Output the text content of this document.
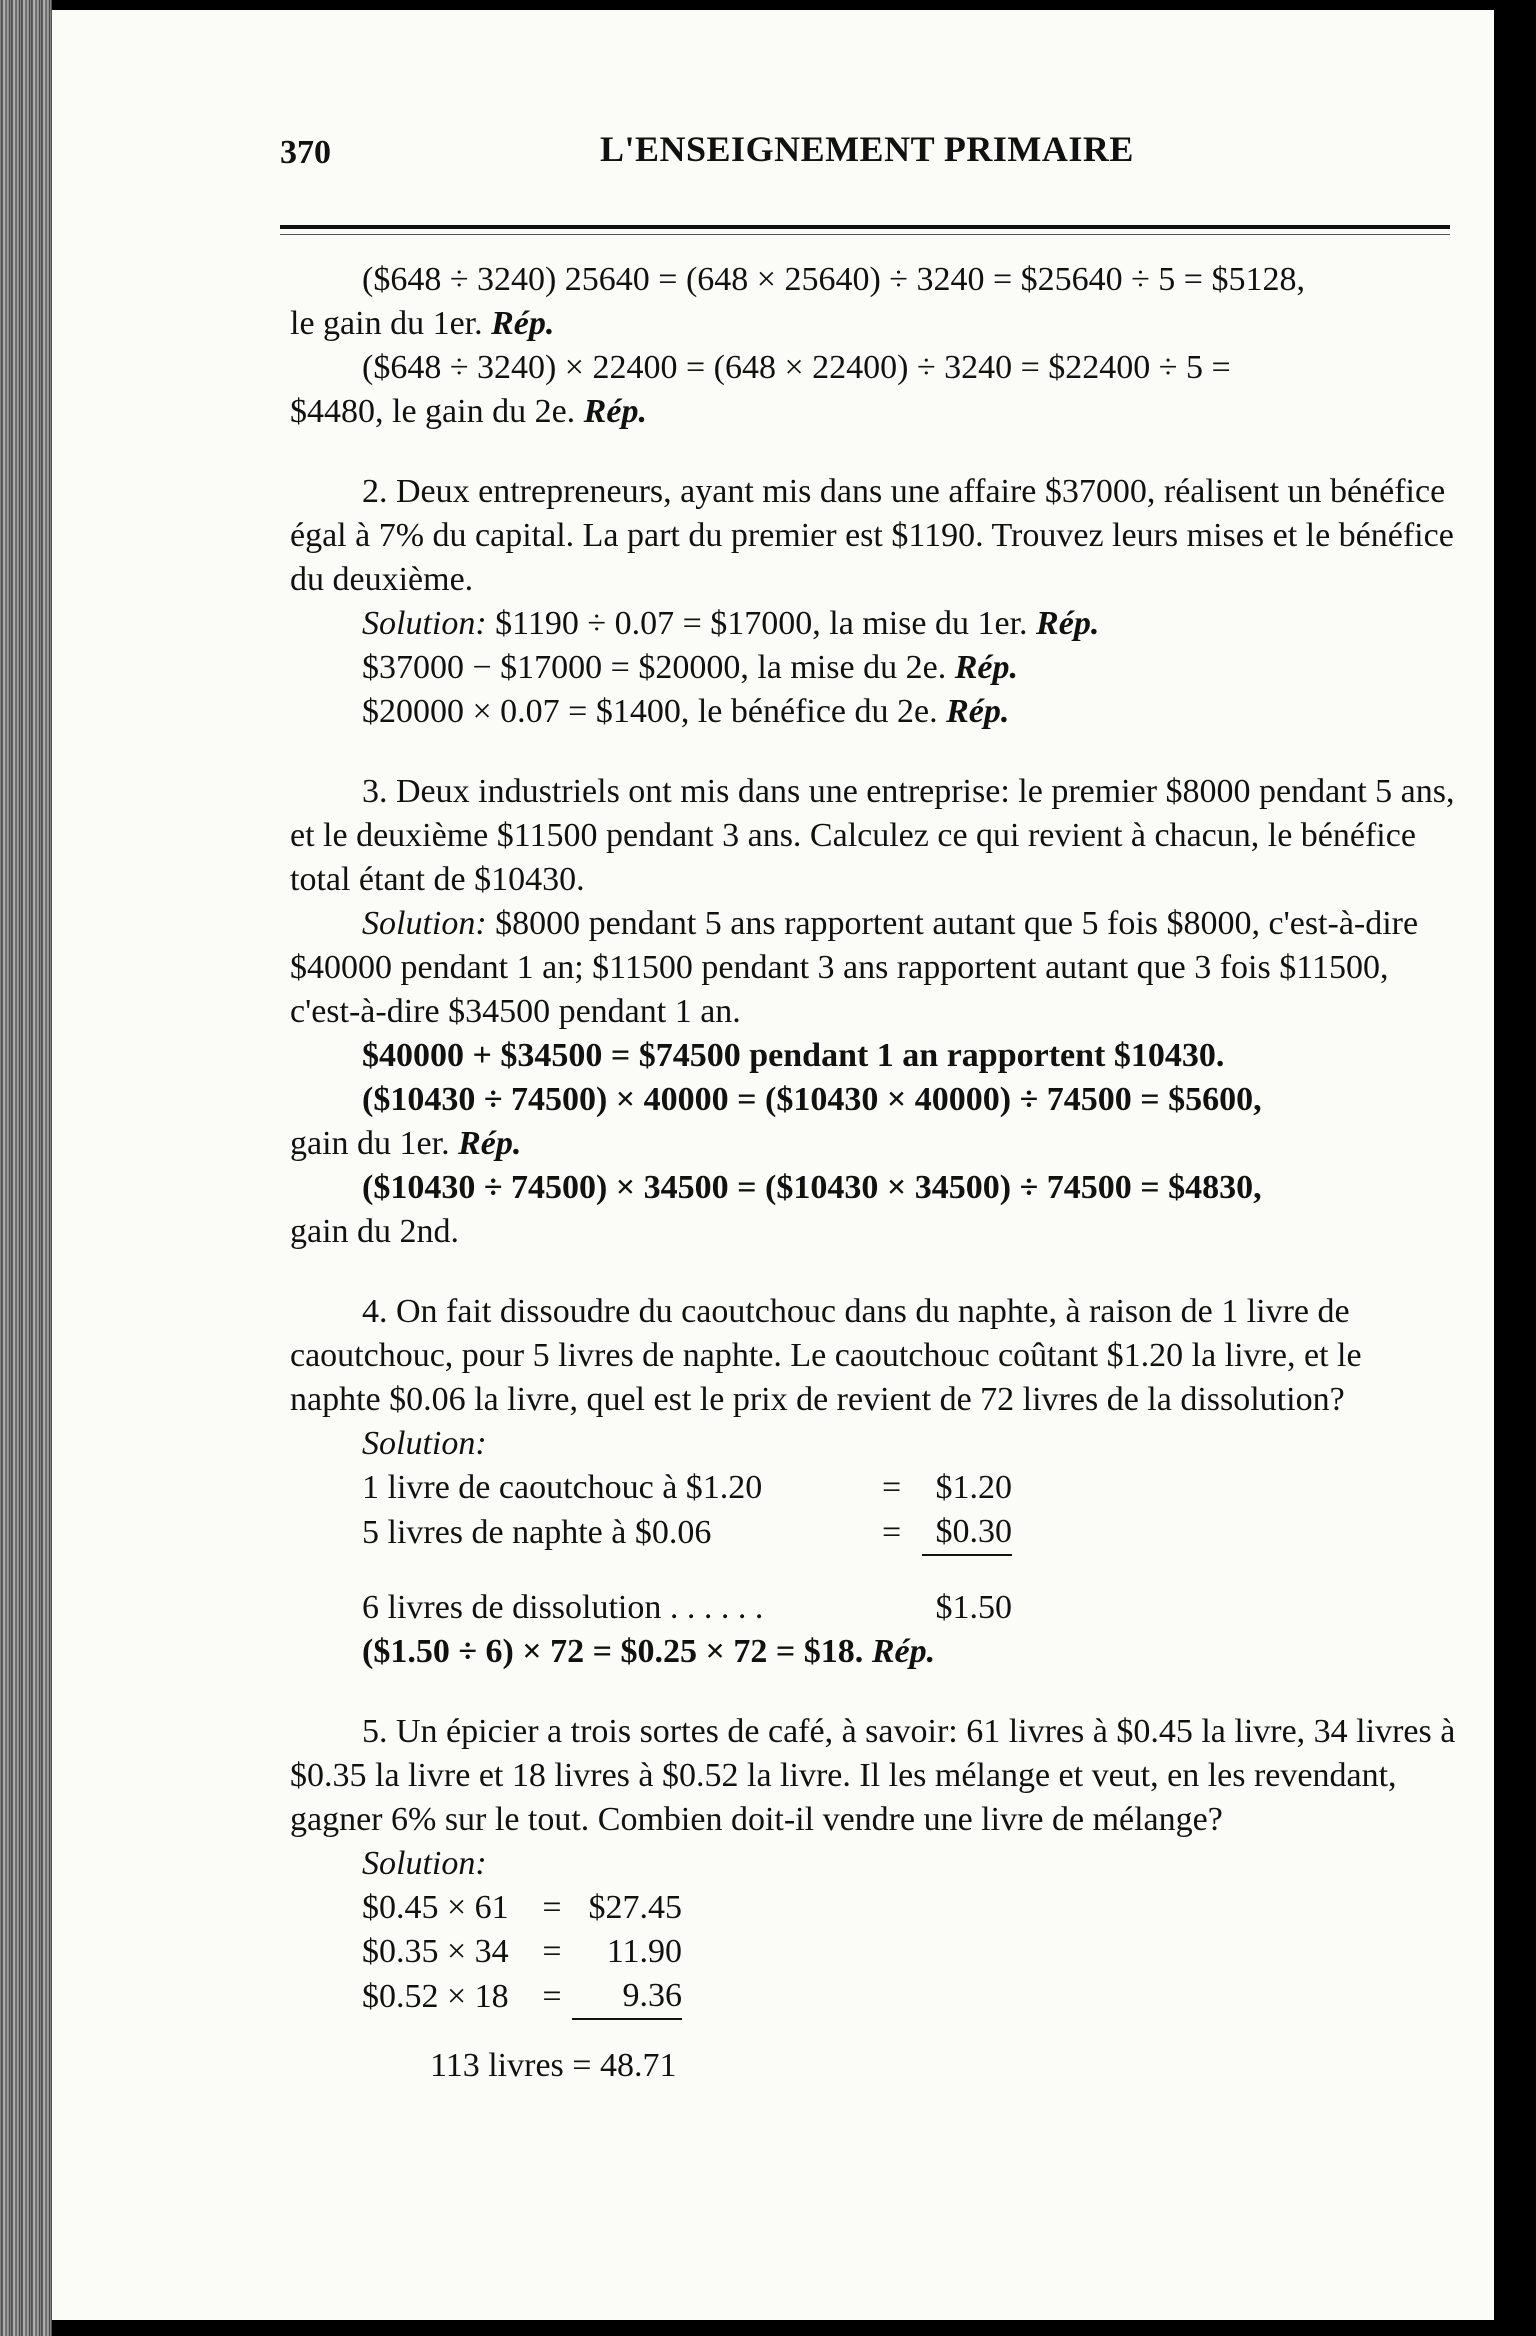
370	L'ENSEIGNEMENT PRIMAIRE

($648 ÷ 3240) 25640 = (648 × 25640) ÷ 3240 = $25640 ÷ 5 = $5128,

le gain du 1er. Rép.

($648 ÷ 3240) × 22400 = (648 × 22400) ÷ 3240 = $22400 ÷ 5 =

$4480, le gain du 2e. Rép.

2. Deux entrepreneurs, ayant mis dans une affaire $37000, réalisent un bénéfice égal à 7% du capital. La part du premier est $1190. Trouvez leurs mises et le bénéfice du deuxième.

Solution: $1190 ÷ 0.07 = $17000, la mise du 1er. Rép.

$37000 − $17000 = $20000, la mise du 2e. Rép.

$20000 × 0.07 = $1400, le bénéfice du 2e. Rép.

3. Deux industriels ont mis dans une entreprise: le premier $8000 pendant 5 ans, et le deuxième $11500 pendant 3 ans. Calculez ce qui revient à chacun, le bénéfice total étant de $10430.

Solution: $8000 pendant 5 ans rapportent autant que 5 fois $8000, c'est-à-dire $40000 pendant 1 an; $11500 pendant 3 ans rapportent autant que 3 fois $11500, c'est-à-dire $34500 pendant 1 an.

$40000 + $34500 = $74500 pendant 1 an rapportent $10430.

($10430 ÷ 74500) × 40000 = ($10430 × 40000) ÷ 74500 = $5600,

gain du 1er. Rép.

($10430 ÷ 74500) × 34500 = ($10430 × 34500) ÷ 74500 = $4830,

gain du 2nd.

4. On fait dissoudre du caoutchouc dans du naphte, à raison de 1 livre de caoutchouc, pour 5 livres de naphte. Le caoutchouc coûtant $1.20 la livre, et le naphte $0.06 la livre, quel est le prix de revient de 72 livres de la dissolution?

Solution:

1 livre de caoutchouc à $1.20	=	$1.20
5 livres de naphte à $0.06	=	$0.30

6 livres de dissolution . . . . . .		$1.50

($1.50 ÷ 6) × 72 = $0.25 × 72 = $18. Rép.

5. Un épicier a trois sortes de café, à savoir: 61 livres à $0.45 la livre, 34 livres à $0.35 la livre et 18 livres à $0.52 la livre. Il les mélange et veut, en les revendant, gagner 6% sur le tout. Combien doit-il vendre une livre de mélange?

Solution:

$0.45 × 61	=	$27.45
$0.35 × 34	=	11.90
$0.52 × 18	=	9.36

113 livres = 48.71
